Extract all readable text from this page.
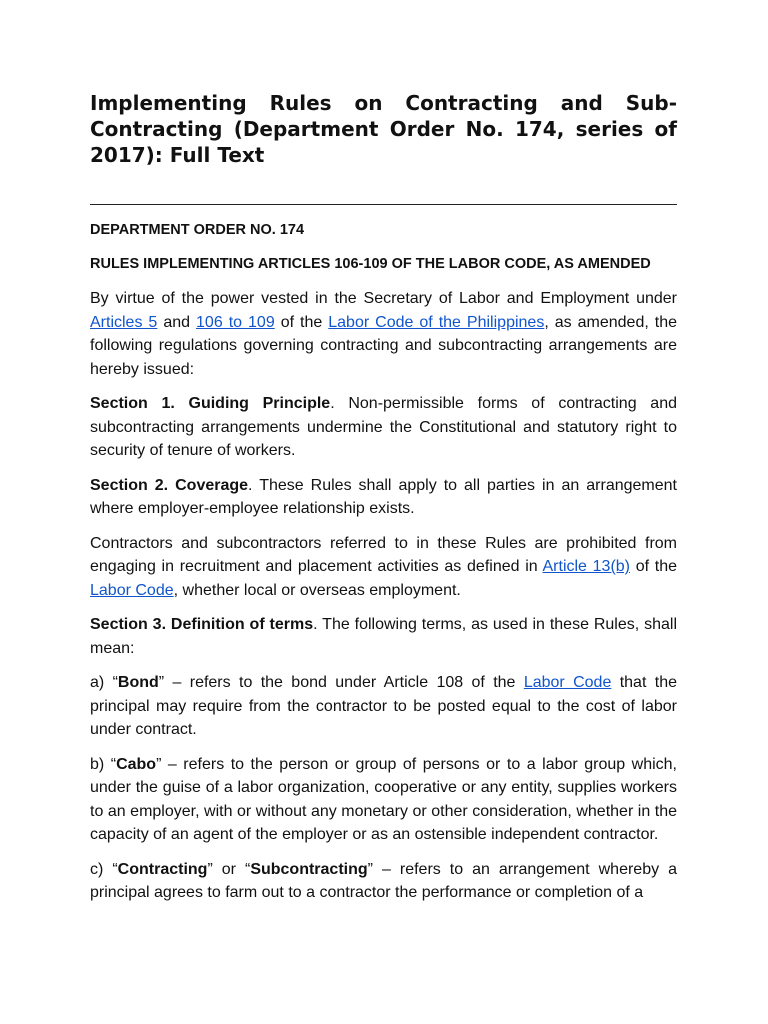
Implementing Rules on Contracting and Sub-Contracting (Department Order No. 174, series of 2017): Full Text

DEPARTMENT ORDER NO. 174

RULES IMPLEMENTING ARTICLES 106-109 OF THE LABOR CODE, AS AMENDED

By virtue of the power vested in the Secretary of Labor and Employment under Articles 5 and 106 to 109 of the Labor Code of the Philippines, as amended, the following regulations governing contracting and subcontracting arrangements are hereby issued:

Section 1. Guiding Principle. Non-permissible forms of contracting and subcontracting arrangements undermine the Constitutional and statutory right to security of tenure of workers.

Section 2. Coverage. These Rules shall apply to all parties in an arrangement where employer-employee relationship exists.

Contractors and subcontractors referred to in these Rules are prohibited from engaging in recruitment and placement activities as defined in Article 13(b) of the Labor Code, whether local or overseas employment.

Section 3. Definition of terms. The following terms, as used in these Rules, shall mean:

a) “Bond” – refers to the bond under Article 108 of the Labor Code that the principal may require from the contractor to be posted equal to the cost of labor under contract.

b) “Cabo” – refers to the person or group of persons or to a labor group which, under the guise of a labor organization, cooperative or any entity, supplies workers to an employer, with or without any monetary or other consideration, whether in the capacity of an agent of the employer or as an ostensible independent contractor.

c) “Contracting” or “Subcontracting” – refers to an arrangement whereby a principal agrees to farm out to a contractor the performance or completion of a
